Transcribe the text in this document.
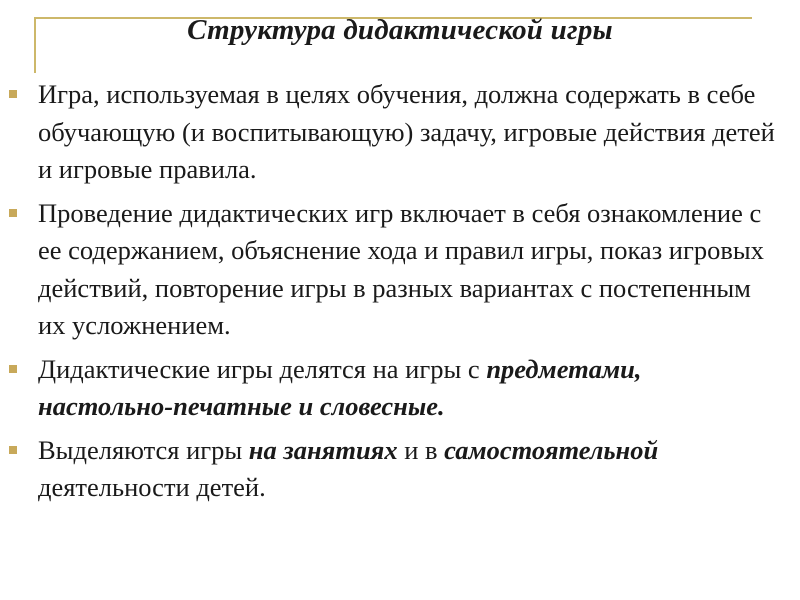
Структура дидактической игры
Игра, используемая в целях обучения, должна содержать в себе обучающую (и воспитывающую) задачу, игровые действия детей и игровые правила.
Проведение дидактических игр включает в себя ознакомление с ее содержанием, объяснение хода и правил игры, показ игровых действий, повторение игры в разных вариантах с постепенным их усложнением.
Дидактические игры делятся на игры с предметами, настольно-печатные и словесные.
Выделяются игры на занятиях и в самостоятельной деятельности детей.
